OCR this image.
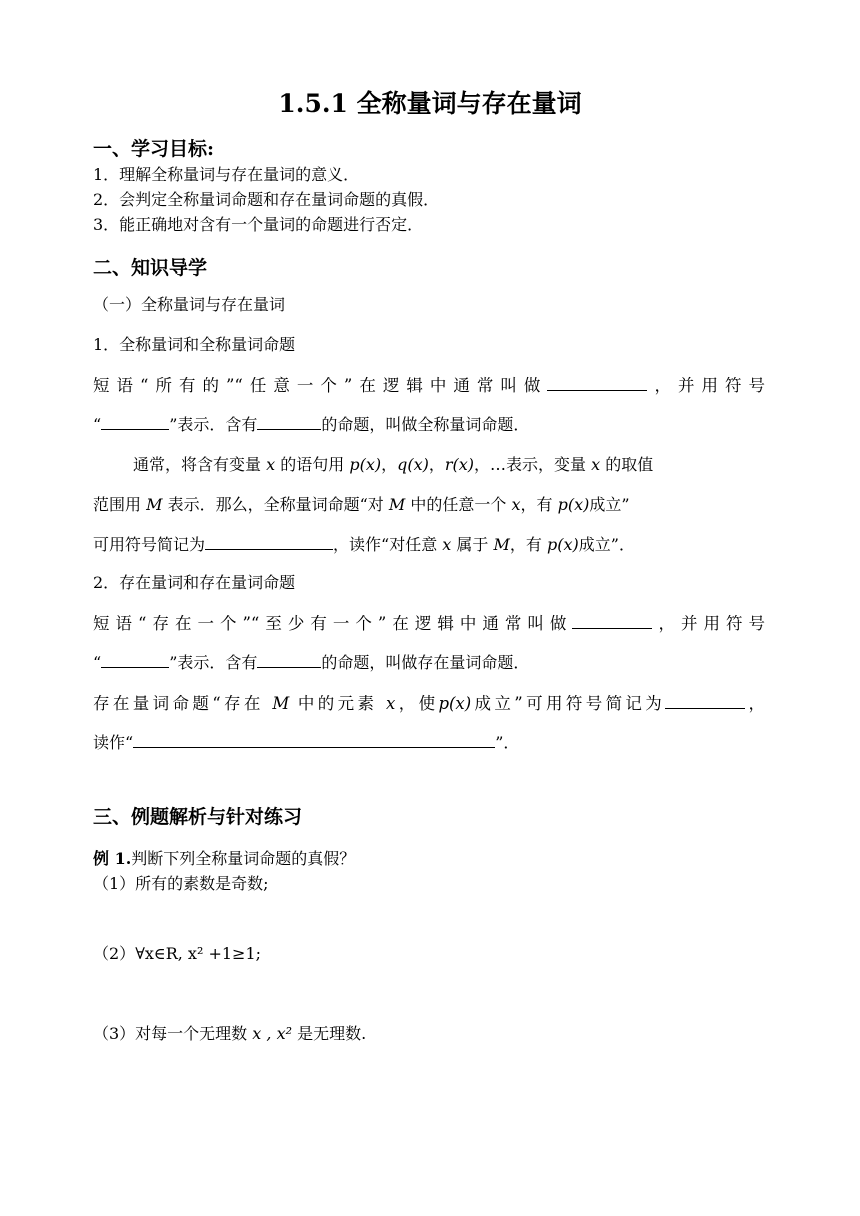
1.5.1 全称量词与存在量词
一、学习目标:
1．理解全称量词与存在量词的意义．
2．会判定全称量词命题和存在量词命题的真假．
3．能正确地对含有一个量词的命题进行否定．
二、知识导学
（一）全称量词与存在量词
1．全称量词和全称量词命题
短语“所有的”“任意一个”在逻辑中通常叫做	，并用符号
“	”表示．含有	的命题，叫做全称量词命题．
通常，将含有变量 x 的语句用 p(x)，q(x)，r(x)，…表示，变量 x 的取值
范围用 M 表示．那么，全称量词命题“对 M 中的任意一个 x，有 p(x)成立”
可用符号简记为	，读作“对任意 x 属于 M，有 p(x)成立”．
2．存在量词和存在量词命题
短语“存在一个”“至少有一个”在逻辑中通常叫做	，并用符号
“	”表示．含有	的命题，叫做存在量词命题．
存在量词命题“存在 M 中的元素 x，使p(x)成立”可用符号简记为	，
读作“	”．
三、例题解析与针对练习
例 1.判断下列全称量词命题的真假？
（1）所有的素数是奇数;
（2）∀x∈R, x² +1≥1;
（3）对每一个无理数 x , x² 是无理数.
